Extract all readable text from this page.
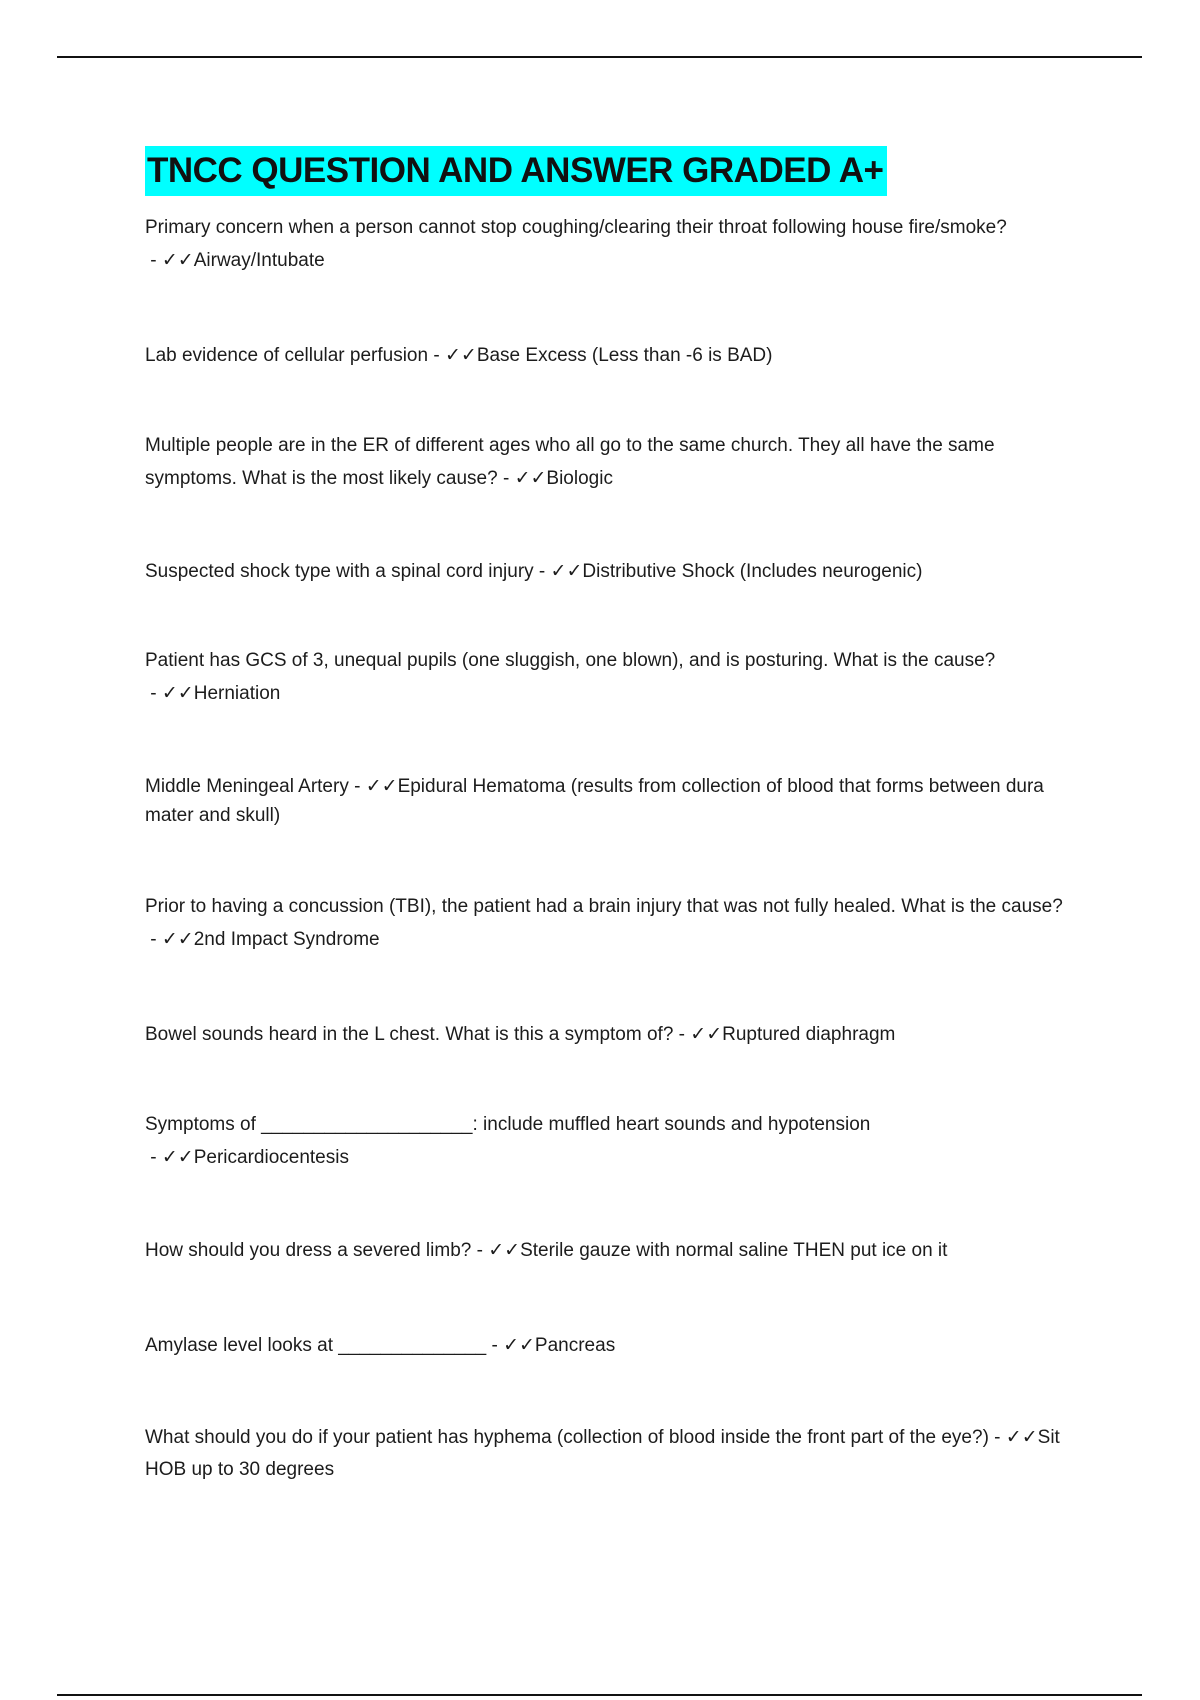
TNCC QUESTION AND ANSWER GRADED A+

Primary concern when a person cannot stop coughing/clearing their throat following house fire/smoke? - ✓✓Airway/Intubate

Lab evidence of cellular perfusion - ✓✓Base Excess (Less than -6 is BAD)

Multiple people are in the ER of different ages who all go to the same church. They all have the same symptoms. What is the most likely cause? - ✓✓Biologic

Suspected shock type with a spinal cord injury - ✓✓Distributive Shock (Includes neurogenic)

Patient has GCS of 3, unequal pupils (one sluggish, one blown), and is posturing. What is the cause? - ✓✓Herniation

Middle Meningeal Artery - ✓✓Epidural Hematoma (results from collection of blood that forms between dura mater and skull)

Prior to having a concussion (TBI), the patient had a brain injury that was not fully healed. What is the cause? - ✓✓2nd Impact Syndrome

Bowel sounds heard in the L chest. What is this a symptom of? - ✓✓Ruptured diaphragm

Symptoms of ____________________: include muffled heart sounds and hypotension - ✓✓Pericardiocentesis

How should you dress a severed limb? - ✓✓Sterile gauze with normal saline THEN put ice on it

Amylase level looks at ______________ - ✓✓Pancreas

What should you do if your patient has hyphema (collection of blood inside the front part of the eye?) - ✓✓Sit HOB up to 30 degrees
